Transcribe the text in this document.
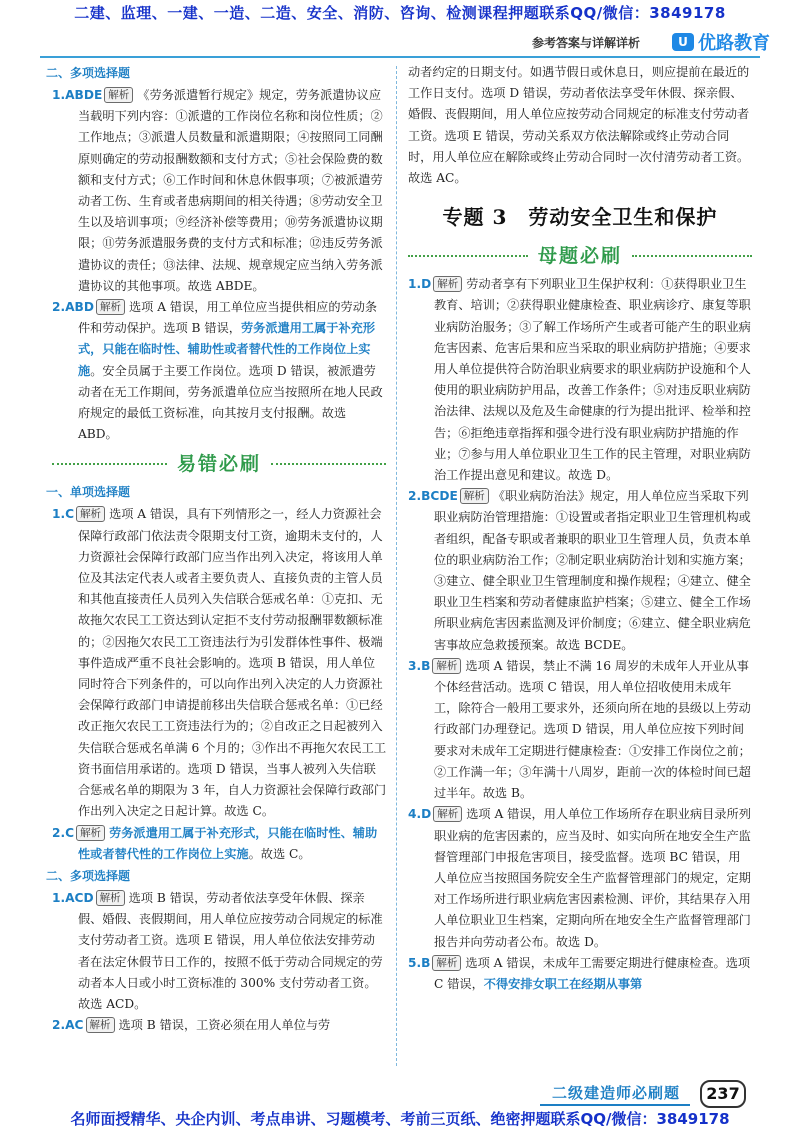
二建、监理、一建、一造、二造、安全、消防、咨询、检测课程押题联系QQ/微信：3849178
参考答案与详解详析	U 优路教育
二、多项选择题

1.ABDE 解析 《劳务派遣暂行规定》规定，劳务派遣协议应当载明下列内容：①派遣的工作岗位名称和岗位性质；②工作地点；③派遣人员数量和派遣期限；④按照同工同酬原则确定的劳动报酬数额和支付方式；⑤社会保险费的数额和支付方式；⑥工作时间和休息休假事项；⑦被派遣劳动者工伤、生育或者患病期间的相关待遇；⑧劳动安全卫生以及培训事项；⑨经济补偿等费用；⑩劳务派遣协议期限；⑪劳务派遣服务费的支付方式和标准；⑫违反劳务派遣协议的责任；⑬法律、法规、规章规定应当纳入劳务派遣协议的其他事项。故选 ABDE。

2.ABD 解析 选项 A 错误，用工单位应当提供相应的劳动条件和劳动保护。选项 B 错误，劳务派遣用工属于补充形式，只能在临时性、辅助性或者替代性的工作岗位上实施。安全员属于主要工作岗位。选项 D 错误，被派遣劳动者在无工作期间，劳务派遣单位应当按照所在地人民政府规定的最低工资标准，向其按月支付报酬。故选 ABD。

易错必刷
一、单项选择题

1.C 解析 选项 A 错误，具有下列情形之一，经人力资源社会保障行政部门依法责令限期支付工资，逾期未支付的，人力资源社会保障行政部门应当作出列入决定，将该用人单位及其法定代表人或者主要负责人、直接负责的主管人员和其他直接责任人员列入失信联合惩戒名单：①克扣、无故拖欠农民工工资达到认定拒不支付劳动报酬罪数额标准的；②因拖欠农民工工资违法行为引发群体性事件、极端事件造成严重不良社会影响的。选项 B 错误，用人单位同时符合下列条件的，可以向作出列入决定的人力资源社会保障行政部门申请提前移出失信联合惩戒名单：①已经改正拖欠农民工工资违法行为的；②自改正之日起被列入失信联合惩戒名单满 6 个月的；③作出不再拖欠农民工工资书面信用承诺的。选项 D 错误，当事人被列入失信联合惩戒名单的期限为 3 年，自人力资源社会保障行政部门作出列入决定之日起计算。故选 C。

2.C 解析 劳务派遣用工属于补充形式，只能在临时性、辅助性或者替代性的工作岗位上实施。故选 C。

二、多项选择题

1.ACD 解析 选项 B 错误，劳动者依法享受年休假、探亲假、婚假、丧假期间，用人单位应按劳动合同规定的标准支付劳动者工资。选项 E 错误，用人单位依法安排劳动者在法定休假节日工作的，按照不低于劳动合同规定的劳动者本人日或小时工资标准的 300% 支付劳动者工资。故选 ACD。

2.AC 解析 选项 B 错误，工资必须在用人单位与劳

动者约定的日期支付。如遇节假日或休息日，则应提前在最近的工作日支付。选项 D 错误，劳动者依法享受年休假、探亲假、婚假、丧假期间，用人单位应按劳动合同规定的标准支付劳动者工资。选项 E 错误，劳动关系双方依法解除或终止劳动合同时，用人单位应在解除或终止劳动合同时一次付清劳动者工资。故选 AC。

专题 3　劳动安全卫生和保护
母题必刷

1.D 解析 劳动者享有下列职业卫生保护权利：①获得职业卫生教育、培训；②获得职业健康检查、职业病诊疗、康复等职业病防治服务；③了解工作场所产生或者可能产生的职业病危害因素、危害后果和应当采取的职业病防护措施；④要求用人单位提供符合防治职业病要求的职业病防护设施和个人使用的职业病防护用品，改善工作条件；⑤对违反职业病防治法律、法规以及危及生命健康的行为提出批评、检举和控告；⑥拒绝违章指挥和强令进行没有职业病防护措施的作业；⑦参与用人单位职业卫生工作的民主管理，对职业病防治工作提出意见和建议。故选 D。

2.BCDE 解析 《职业病防治法》规定，用人单位应当采取下列职业病防治管理措施：①设置或者指定职业卫生管理机构或者组织，配备专职或者兼职的职业卫生管理人员，负责本单位的职业病防治工作；②制定职业病防治计划和实施方案；③建立、健全职业卫生管理制度和操作规程；④建立、健全职业卫生档案和劳动者健康监护档案；⑤建立、健全工作场所职业病危害因素监测及评价制度；⑥建立、健全职业病危害事故应急救援预案。故选 BCDE。

3.B 解析 选项 A 错误，禁止不满 16 周岁的未成年人开业从事个体经营活动。选项 C 错误，用人单位招收使用未成年工，除符合一般用工要求外，还须向所在地的县级以上劳动行政部门办理登记。选项 D 错误，用人单位应按下列时间要求对未成年工定期进行健康检查：①安排工作岗位之前；②工作满一年；③年满十八周岁，距前一次的体检时间已超过半年。故选 B。

4.D 解析 选项 A 错误，用人单位工作场所存在职业病目录所列职业病的危害因素的，应当及时、如实向所在地安全生产监督管理部门申报危害项目，接受监督。选项 BC 错误，用人单位应当按照国务院安全生产监督管理部门的规定，定期对工作场所进行职业病危害因素检测、评价，其结果存入用人单位职业卫生档案，定期向所在地安全生产监督管理部门报告并向劳动者公布。故选 D。

5.B 解析 选项 A 错误，未成年工需要定期进行健康检查。选项 C 错误，不得安排女职工在经期从事第

二级建造师必刷题	237
名师面授精华、央企内训、考点串讲、习题模考、考前三页纸、绝密押题联系QQ/微信：3849178
